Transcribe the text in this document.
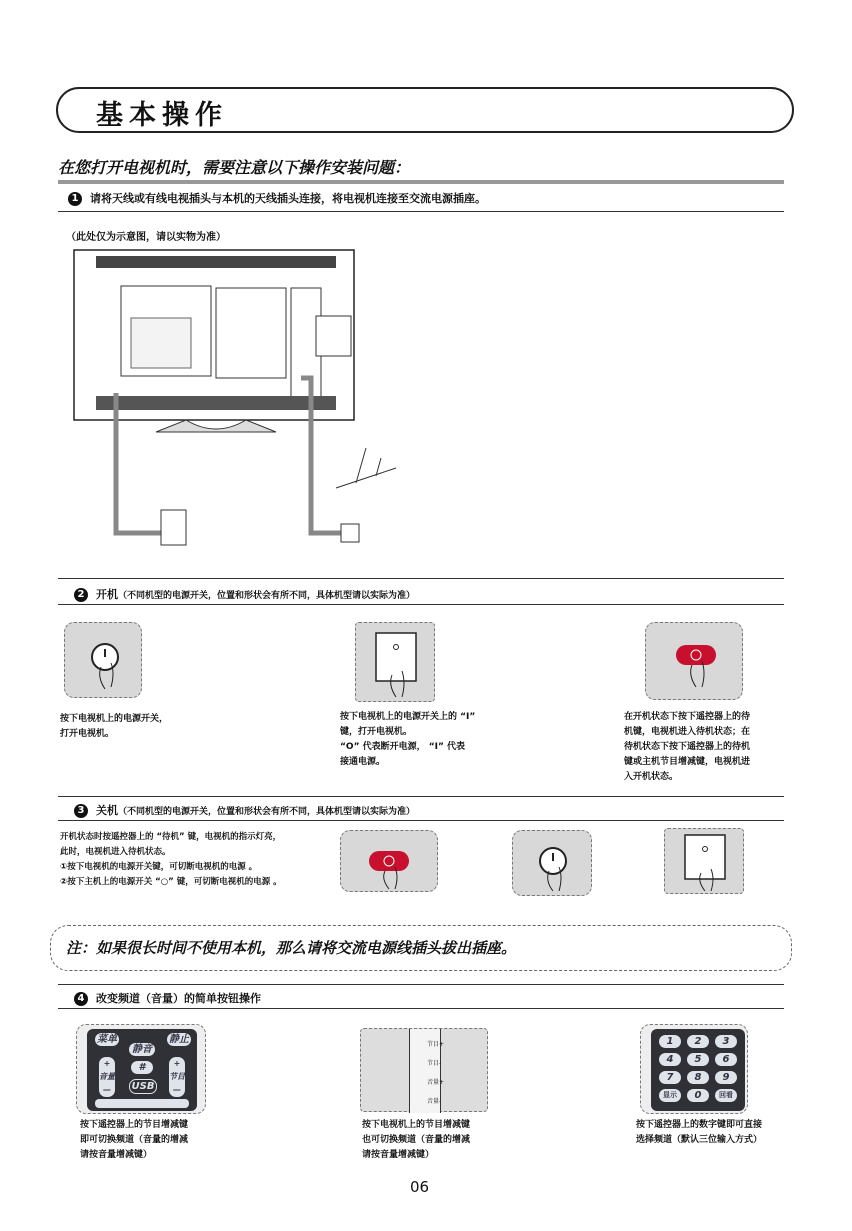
基本操作
在您打开电视机时，需要注意以下操作安装问题：
1 请将天线或有线电视插头与本机的天线插头连接，将电视机连接至交流电源插座。
（此处仅为示意图，请以实物为准）
2 开机（不同机型的电源开关，位置和形状会有所不同，具体机型请以实际为准）
按下电视机上的电源开关，
打开电视机。
按下电视机上的电源开关上的 “I”
键，打开电视机。
“O” 代表断开电源， “I” 代表
接通电源。
在开机状态下按下遥控器上的待
机键，电视机进入待机状态；在
待机状态下按下遥控器上的待机
键或主机节目增减键，电视机进
入开机状态。
3 关机（不同机型的电源开关，位置和形状会有所不同，具体机型请以实际为准）
开机状态时按遥控器上的 “待机” 键，电视机的指示灯亮，
此时，电视机进入待机状态。
①按下电视机的电源开关键，可切断电视机的电源 。
②按下主机上的电源开关 “○” 键，可切断电视机的电源 。
注：如果很长时间不使用本机，那么请将交流电源线插头拔出插座。
4 改变频道（音量）的简单按钮操作
菜单	静止
静音
+
音量
—
+
节目
—
#
USB
节目+
节目-
音量+
音量-
1	2	3
4	5	6
7	8	9
显示	0	回看
按下遥控器上的节目增减键
即可切换频道（音量的增减
请按音量增减键）
按下电视机上的节目增减键
也可切换频道（音量的增减
请按音量增减键）
按下遥控器上的数字键即可直接
选择频道（默认三位输入方式）
06
